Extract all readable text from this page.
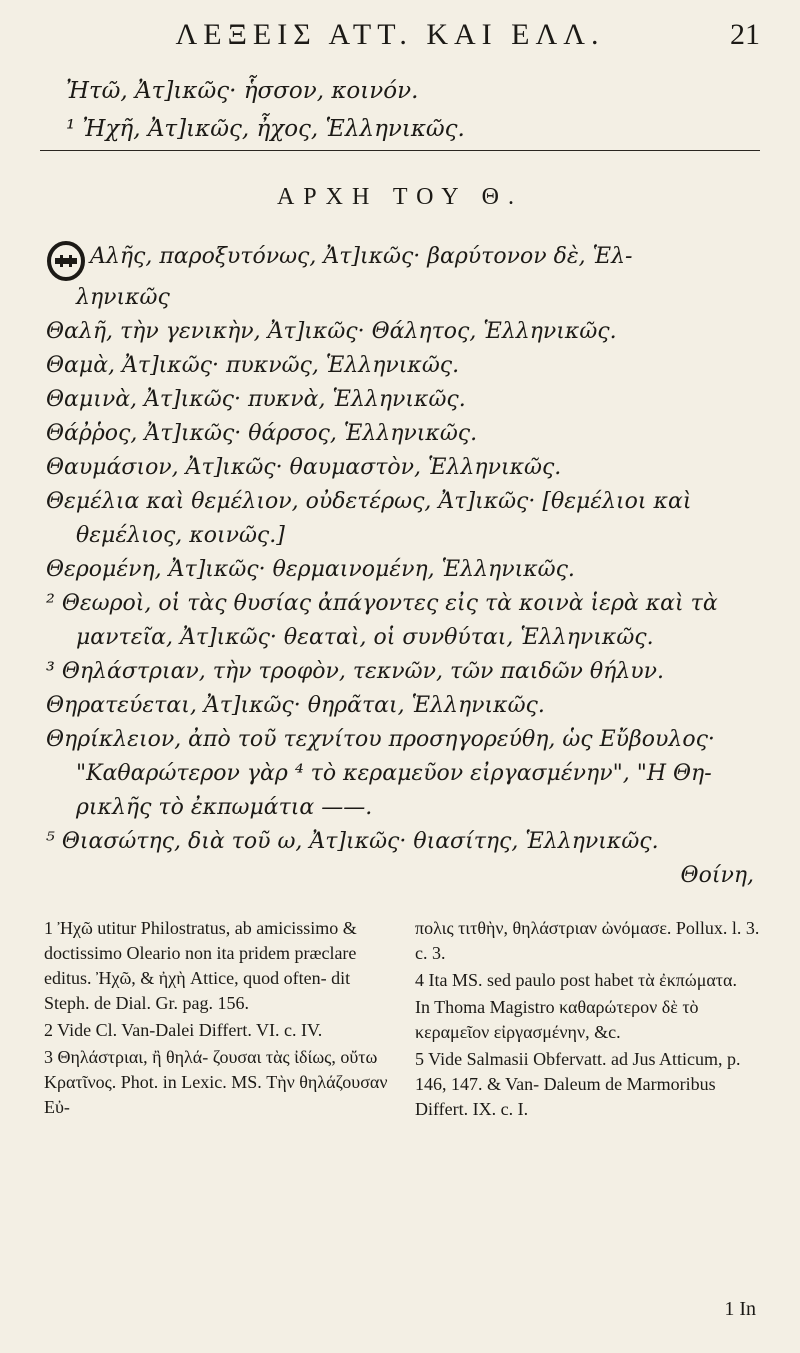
ΛΕΞΕΙΣ ΑΤΤ. ΚΑΙ ΕΛΛ.	21
Ἠτῶ, Ἀτ]ικῶς· ἧσσον, κοινόν.
¹ Ἠχῆ, Ἀτ]ικῶς, ἦχος, Ἑλληνικῶς.
ΑΡΧΗ ΤΟΥ Θ.

Αλῆς, παροξυτόνως, Ἀτ]ικῶς· βαρύτονον δὲ, Ἑλ-

ληνικῶς

Θαλῆ, τὴν γενικὴν, Ἀτ]ικῶς· Θάλητος, Ἑλληνικῶς.

Θαμὰ, Ἀτ]ικῶς· πυκνῶς, Ἑλληνικῶς.

Θαμινὰ, Ἀτ]ικῶς· πυκνὰ, Ἑλληνικῶς.

Θάῤῥος, Ἀτ]ικῶς· θάρσος, Ἑλληνικῶς.

Θαυμάσιον, Ἀτ]ικῶς· θαυμαστὸν, Ἑλληνικῶς.

Θεμέλια καὶ θεμέλιον, οὐδετέρως, Ἀτ]ικῶς· [θεμέλιοι καὶ

θεμέλιος, κοινῶς.]

Θερομένη, Ἀτ]ικῶς· θερμαινομένη, Ἑλληνικῶς.

² Θεωροὶ, οἱ τὰς θυσίας ἀπάγοντες εἰς τὰ κοινὰ ἱερὰ καὶ τὰ

μαντεῖα, Ἀτ]ικῶς· θεαταὶ, οἱ συνθύται, Ἑλληνικῶς.

³ Θηλάστριαν, τὴν τροφὸν, τεκνῶν, τῶν παιδῶν θήλυν.

Θηρατεύεται, Ἀτ]ικῶς· θηρᾶται, Ἑλληνικῶς.

Θηρίκλειον, ἀπὸ τοῦ τεχνίτου προσηγορεύθη, ὡς Εὔβουλος·

"Καθαρώτερον γὰρ ⁴ τὸ κεραμεῦον εἰργασμένην", "Η Θη-

ρικλῆς τὸ ἐκπωμάτια ——.

⁵ Θιασώτης, διὰ τοῦ ω, Ἀτ]ικῶς· θιασίτης, Ἑλληνικῶς.

Θοίνη,

1 Ἠχῶ utitur Philostratus, ab amicissimo & doctissimo Oleario non ita pridem præclare editus. Ἠχῶ, & ἠχὴ Attice, quod often- dit Steph. de Dial. Gr. pag. 156.

2 Vide Cl. Van-Dalei Differt. VI. c. IV.

3 Θηλάστριαι, ἢ θηλά- ζουσαι τὰς ἰδίως, οὔτω Κρατῖνος. Phot. in Lexic. MS. Τὴν θηλάζουσαν Εὐ-

πολις τιτθὴν, θηλάστριαν ὠνόμασε. Pollux. l. 3. c. 3.

4 Ita MS. sed paulo post habet τὰ ἐκπώματα.

In Thoma Magistro καθαρώτερον δὲ τὸ κεραμεῖον εἰργασμένην, &c.

5 Vide Salmasii Obfervatt. ad Jus Atticum, p. 146, 147. & Van- Daleum de Marmoribus Differt. IX. c. I.

1 In
